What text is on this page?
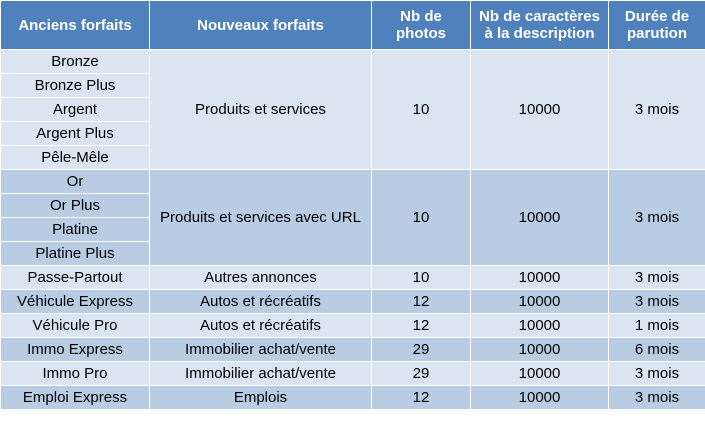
Anciens forfaits	Nouveaux forfaits	Nb de photos	Nb de caractères à la description	Durée de parution
Bronze	Produits et services	10	10000	3 mois
Bronze Plus				
Argent				
Argent Plus				
Pêle-Mêle				
Or	Produits et services avec URL	10	10000	3 mois
Or Plus				
Platine				
Platine Plus				
Passe-Partout	Autres annonces	10	10000	3 mois
Véhicule Express	Autos et récréatifs	12	10000	3 mois
Véhicule Pro	Autos et récréatifs	12	10000	1 mois
Immo Express	Immobilier achat/vente	29	10000	6 mois
Immo Pro	Immobilier achat/vente	29	10000	3 mois
Emploi Express	Emplois	12	10000	3 mois
